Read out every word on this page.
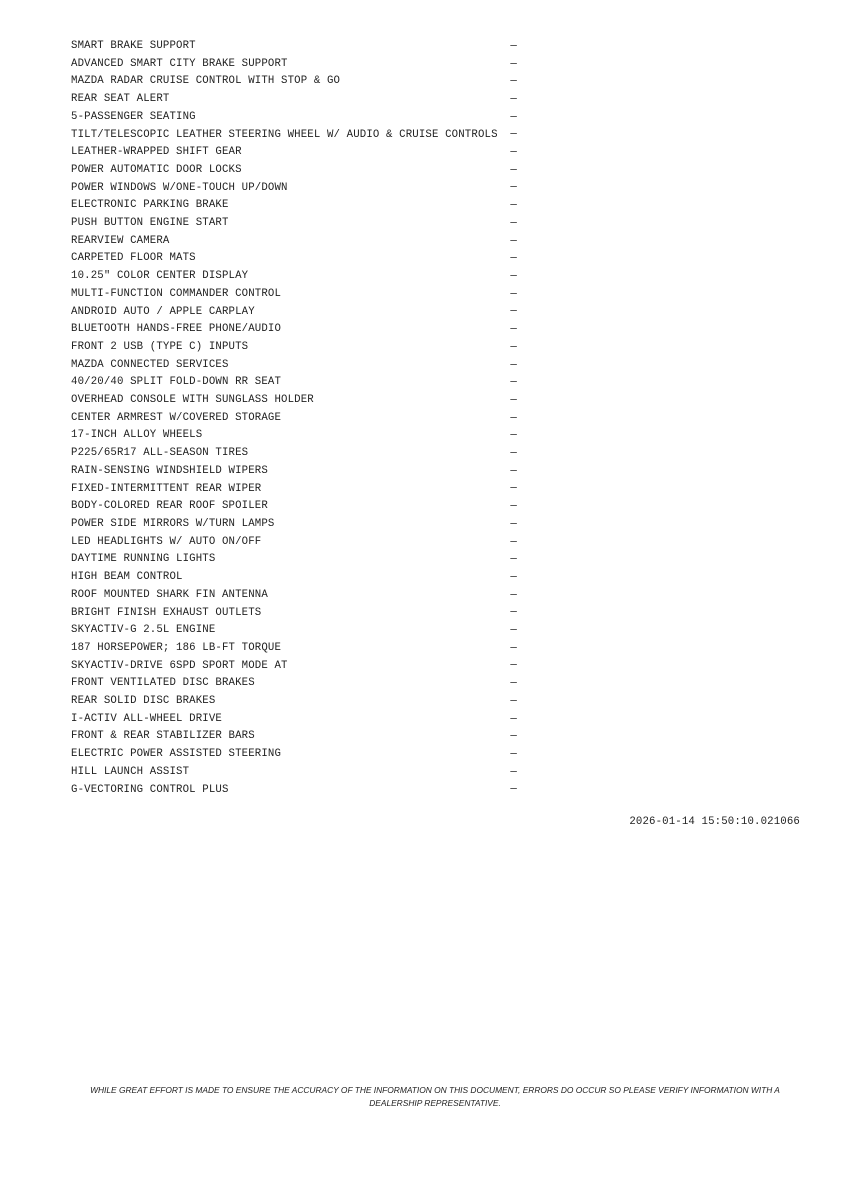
SMART BRAKE SUPPORT	—
ADVANCED SMART CITY BRAKE SUPPORT	—
MAZDA RADAR CRUISE CONTROL WITH STOP & GO	—
REAR SEAT ALERT	—
5-PASSENGER SEATING	—
TILT/TELESCOPIC LEATHER STEERING WHEEL W/ AUDIO & CRUISE CONTROLS	—
LEATHER-WRAPPED SHIFT GEAR	—
POWER AUTOMATIC DOOR LOCKS	—
POWER WINDOWS W/ONE-TOUCH UP/DOWN	—
ELECTRONIC PARKING BRAKE	—
PUSH BUTTON ENGINE START	—
REARVIEW CAMERA	—
CARPETED FLOOR MATS	—
10.25" COLOR CENTER DISPLAY	—
MULTI-FUNCTION COMMANDER CONTROL	—
ANDROID AUTO / APPLE CARPLAY	—
BLUETOOTH HANDS-FREE PHONE/AUDIO	—
FRONT 2 USB (TYPE C) INPUTS	—
MAZDA CONNECTED SERVICES	—
40/20/40 SPLIT FOLD-DOWN RR SEAT	—
OVERHEAD CONSOLE WITH SUNGLASS HOLDER	—
CENTER ARMREST W/COVERED STORAGE	—
17-INCH ALLOY WHEELS	—
P225/65R17 ALL-SEASON TIRES	—
RAIN-SENSING WINDSHIELD WIPERS	—
FIXED-INTERMITTENT REAR WIPER	—
BODY-COLORED REAR ROOF SPOILER	—
POWER SIDE MIRRORS W/TURN LAMPS	—
LED HEADLIGHTS W/ AUTO ON/OFF	—
DAYTIME RUNNING LIGHTS	—
HIGH BEAM CONTROL	—
ROOF MOUNTED SHARK FIN ANTENNA	—
BRIGHT FINISH EXHAUST OUTLETS	—
SKYACTIV-G 2.5L ENGINE	—
187 HORSEPOWER; 186 LB-FT TORQUE	—
SKYACTIV-DRIVE 6SPD SPORT MODE AT	—
FRONT VENTILATED DISC BRAKES	—
REAR SOLID DISC BRAKES	—
I-ACTIV ALL-WHEEL DRIVE	—
FRONT & REAR STABILIZER BARS	—
ELECTRIC POWER ASSISTED STEERING	—
HILL LAUNCH ASSIST	—
G-VECTORING CONTROL PLUS	—
2026-01-14 15:50:10.021066
WHILE GREAT EFFORT IS MADE TO ENSURE THE ACCURACY OF THE INFORMATION ON THIS DOCUMENT, ERRORS DO OCCUR SO PLEASE VERIFY INFORMATION WITH A DEALERSHIP REPRESENTATIVE.
